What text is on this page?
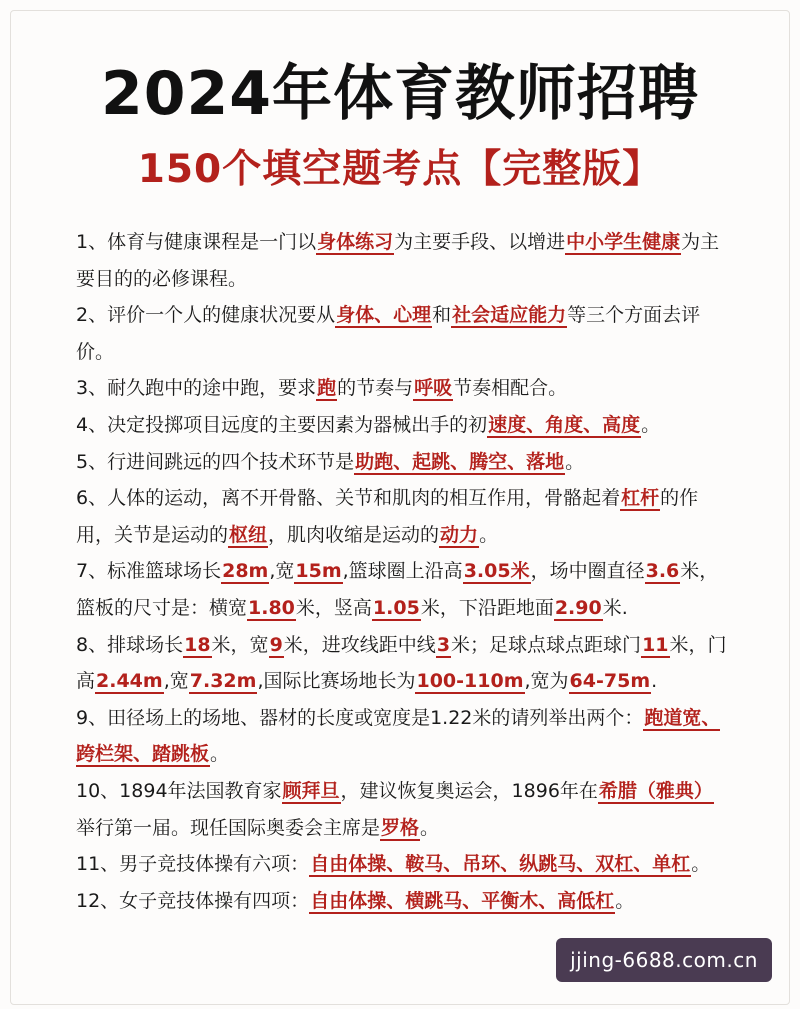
2024年体育教师招聘
150个填空题考点【完整版】
1、体育与健康课程是一门以身体练习为主要手段、以增进中小学生健康为主要目的的必修课程。
2、评价一个人的健康状况要从身体、心理和社会适应能力等三个方面去评价。
3、耐久跑中的途中跑，要求跑的节奏与呼吸节奏相配合。
4、决定投掷项目远度的主要因素为器械出手的初速度、角度、高度。
5、行进间跳远的四个技术环节是助跑、起跳、腾空、落地。
6、人体的运动，离不开骨骼、关节和肌肉的相互作用，骨骼起着杠杆的作用，关节是运动的枢纽，肌肉收缩是运动的动力。
7、标准篮球场长28m,宽15m,篮球圈上沿高3.05米，场中圈直径3.6米，篮板的尺寸是：横宽1.80米，竖高1.05米，下沿距地面2.90米.
8、排球场长18米，宽9米，进攻线距中线3米；足球点球点距球门11米，门高2.44m,宽7.32m,国际比赛场地长为100-110m,宽为64-75m.
9、田径场上的场地、器材的长度或宽度是1.22米的请列举出两个：跑道宽、跨栏架、踏跳板。
10、1894年法国教育家顾拜旦，建议恢复奥运会，1896年在希腊（雅典）举行第一届。现任国际奥委会主席是罗格。
11、男子竞技体操有六项：自由体操、鞍马、吊环、纵跳马、双杠、单杠。
12、女子竞技体操有四项：自由体操、横跳马、平衡木、高低杠。
jjing-6688.com.cn
